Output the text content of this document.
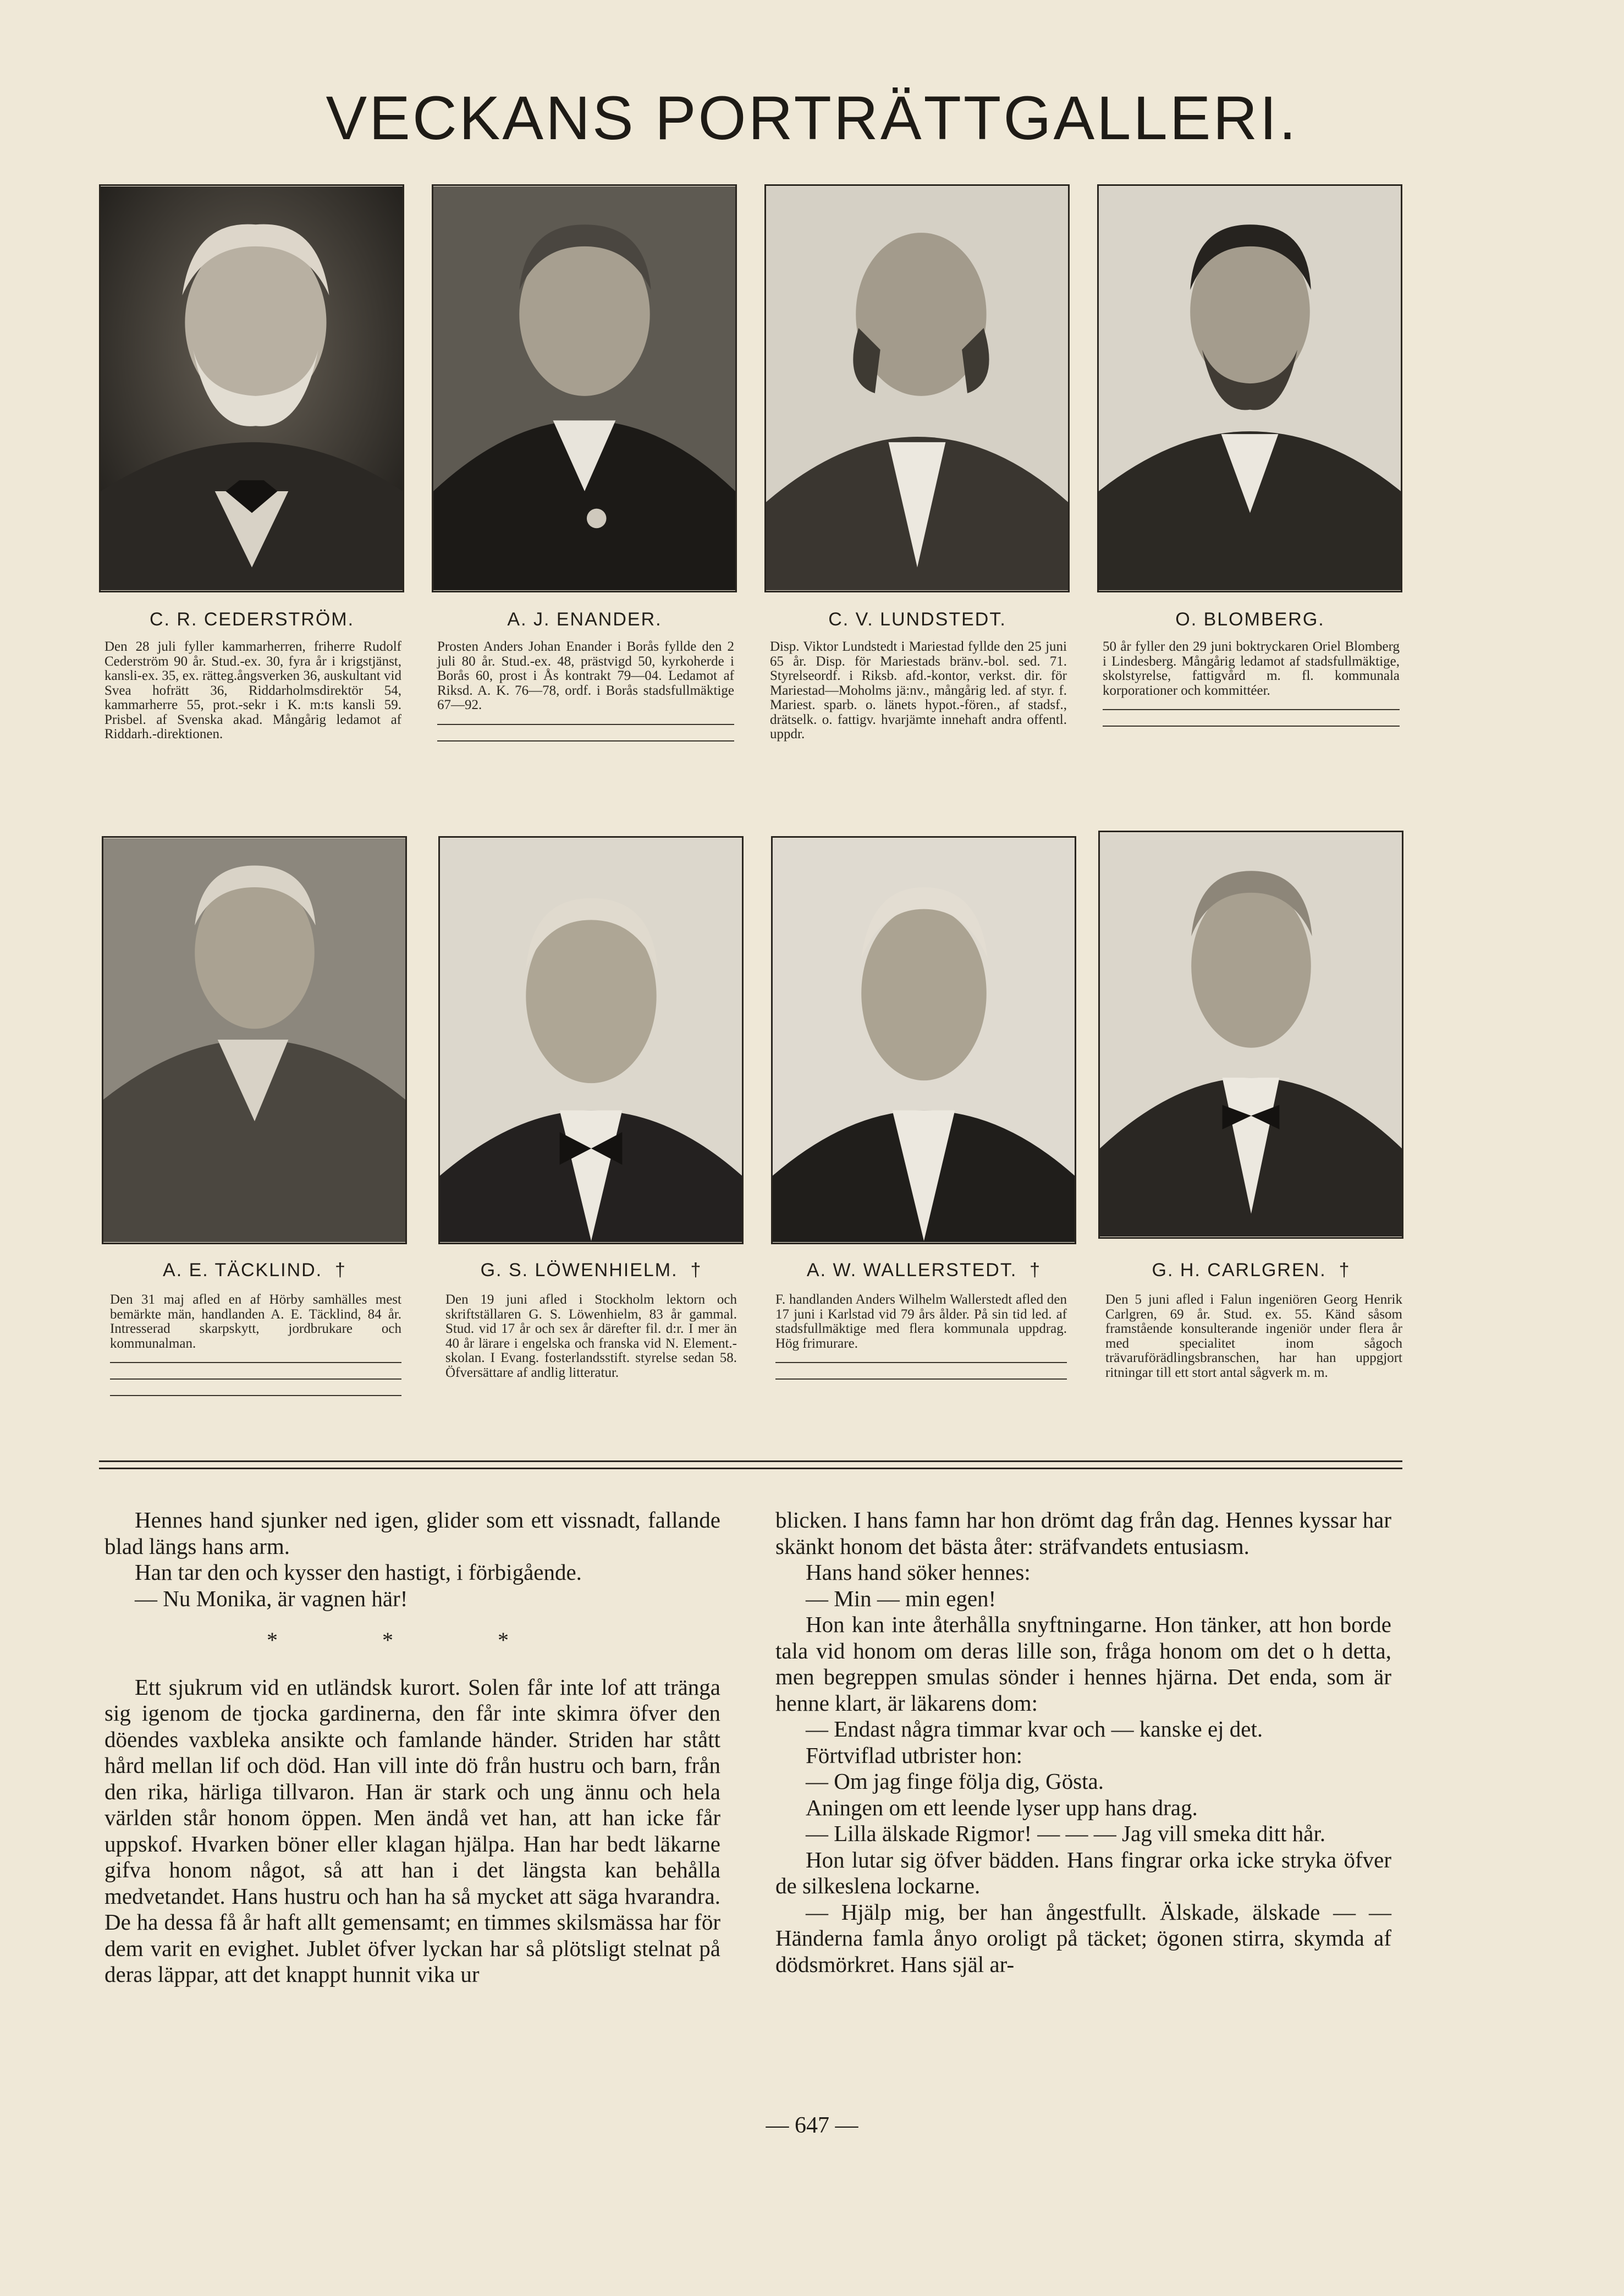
VECKANS PORTRÄTTGALLERI.
C. R. CEDERSTRÖM.	A. J. ENANDER.	C. V. LUNDSTEDT.	O. BLOMBERG.
Den 28 juli fyller kammarherren, friherre Rudolf Cederström 90 år. Stud.-ex. 30, fyra år i krigstjänst, kansli-ex. 35, ex. rätteg.ångsverken 36, auskultant vid Svea hofrätt 36, Riddarholmsdirektör 54, kammarherre 55, prot.-sekr i K. m:ts kansli 59. Prisbel. af Svenska akad. Mångårig ledamot af Riddarh.-direktionen.
Prosten Anders Johan Enander i Borås fyllde den 2 juli 80 år. Stud.-ex. 48, prästvigd 50, kyrkoherde i Borås 60, prost i Ås kontrakt 79—04. Ledamot af Riksd. A. K. 76—78, ordf. i Borås stadsfullmäktige 67—92.
Disp. Viktor Lundstedt i Mariestad fyllde den 25 juni 65 år. Disp. för Mariestads bränv.-bol. sed. 71. Styrelseordf. i Riksb. afd.-kontor, verkst. dir. för Mariestad—Moholms jä:nv., mångårig led. af styr. f. Mariest. sparb. o. länets hypot.-fören., af stadsf., drätselk. o. fattigv. hvarjämte innehaft andra offentl. uppdr.
50 år fyller den 29 juni boktryckaren Oriel Blomberg i Lindesberg. Mångårig ledamot af stadsfullmäktige, skolstyrelse, fattigvård m. fl. kommunala korporationer och kommittéer.
A. E. TÄCKLIND. †	G. S. LÖWENHIELM. †	A. W. WALLERSTEDT. †	G. H. CARLGREN. †
Den 31 maj afled en af Hörby samhälles mest bemärkte män, handlanden A. E. Täcklind, 84 år. Intresserad skarpskytt, jordbrukare och kommunalman.
Den 19 juni afled i Stockholm lektorn och skriftställaren G. S. Löwenhielm, 83 år gammal. Stud. vid 17 år och sex år därefter fil. d:r. I mer än 40 år lärare i engelska och franska vid N. Element.-skolan. I Evang. fosterlandsstift. styrelse sedan 58. Öfversättare af andlig litteratur.
F. handlanden Anders Wilhelm Wallerstedt afled den 17 juni i Karlstad vid 79 års ålder. På sin tid led. af stadsfullmäktige med flera kommunala uppdrag. Hög frimurare.
Den 5 juni afled i Falun ingeniören Georg Henrik Carlgren, 69 år. Stud. ex. 55. Känd såsom framstående konsulterande ingeniör under flera år med specialitet inom sågoch trävaruförädlingsbranschen, har han uppgjort ritningar till ett stort antal sågverk m. m.

Hennes hand sjunker ned igen, glider som ett vissnadt, fallande blad längs hans arm.

Han tar den och kysser den hastigt, i förbigående.

— Nu Monika, är vagnen här!

* * *

Ett sjukrum vid en utländsk kurort. Solen får inte lof att tränga sig igenom de tjocka gardinerna, den får inte skimra öfver den döendes vaxbleka ansikte och famlande händer. Striden har stått hård mellan lif och död. Han vill inte dö från hustru och barn, från den rika, härliga tillvaron. Han är stark och ung ännu och hela världen står honom öppen. Men ändå vet han, att han icke får uppskof. Hvarken böner eller klagan hjälpa. Han har bedt läkarne gifva honom något, så att han i det längsta kan behålla medvetandet. Hans hustru och han ha så mycket att säga hvarandra. De ha dessa få år haft allt gemensamt; en timmes skilsmässa har för dem varit en evighet. Jublet öfver lyckan har så plötsligt stelnat på deras läppar, att det knappt hunnit vika ur

blicken. I hans famn har hon drömt dag från dag. Hennes kyssar har skänkt honom det bästa åter: sträfvandets entusiasm.

Hans hand söker hennes:

— Min — min egen!

Hon kan inte återhålla snyftningarne. Hon tänker, att hon borde tala vid honom om deras lille son, fråga honom om det o h detta, men begreppen smulas sönder i hennes hjärna. Det enda, som är henne klart, är läkarens dom:

— Endast några timmar kvar och — kanske ej det.

Förtviflad utbrister hon:

— Om jag finge följa dig, Gösta.

Aningen om ett leende lyser upp hans drag.

— Lilla älskade Rigmor! — — — Jag vill smeka ditt hår.

Hon lutar sig öfver bädden. Hans fingrar orka icke stryka öfver de silkeslena lockarne.

— Hjälp mig, ber han ångestfullt. Älskade, älskade — — Händerna famla ånyo oroligt på täcket; ögonen stirra, skymda af dödsmörkret. Hans själ ar-

— 647 —
